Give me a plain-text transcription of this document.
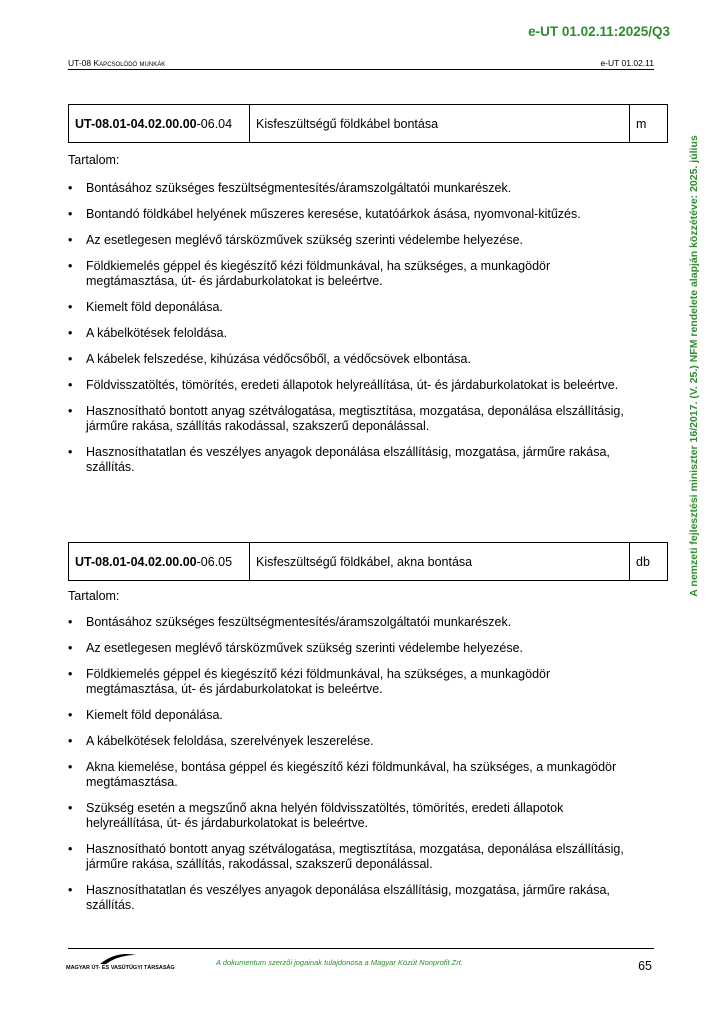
e-UT 01.02.11:2025/Q3
UT-08 Kapcsolódó munkák	e-UT 01.02.11
A nemzeti fejlesztési miniszter 16/2017. (V. 25.) NFM rendelete alapján közzétéve: 2025. július
UT-08.01-04.02.00.00-06.04	Kisfeszültségű földkábel bontása	m
Tartalom:
• Bontásához szükséges feszültségmentesítés/áramszolgáltatói munkarészek.
• Bontandó földkábel helyének műszeres keresése, kutatóárkok ásása, nyomvonal-kitűzés.
• Az esetlegesen meglévő társközművek szükség szerinti védelembe helyezése.
• Földkiemelés géppel és kiegészítő kézi földmunkával, ha szükséges, a munkagödör megtámasztása, út- és járdaburkolatokat is beleértve.
• Kiemelt föld deponálása.
• A kábelkötések feloldása.
• A kábelek felszedése, kihúzása védőcsőből, a védőcsövek elbontása.
• Földvisszatöltés, tömörítés, eredeti állapotok helyreállítása, út- és járdaburkolatokat is beleértve.
• Hasznosítható bontott anyag szétválogatása, megtisztítása, mozgatása, deponálása elszállításig, járműre rakása, szállítás rakodással, szakszerű deponálással.
• Hasznosíthatatlan és veszélyes anyagok deponálása elszállításig, mozgatása, járműre rakása, szállítás.
UT-08.01-04.02.00.00-06.05	Kisfeszültségű földkábel, akna bontása	db
Tartalom:
• Bontásához szükséges feszültségmentesítés/áramszolgáltatói munkarészek.
• Az esetlegesen meglévő társközművek szükség szerinti védelembe helyezése.
• Földkiemelés géppel és kiegészítő kézi földmunkával, ha szükséges, a munkagödör megtámasztása, út- és járdaburkolatokat is beleértve.
• Kiemelt föld deponálása.
• A kábelkötések feloldása, szerelvények leszerelése.
• Akna kiemelése, bontása géppel és kiegészítő kézi földmunkával, ha szükséges, a munkagödör megtámasztása.
• Szükség esetén a megszűnő akna helyén földvisszatöltés, tömörítés, eredeti állapotok helyreállítása, út- és járdaburkolatokat is beleértve.
• Hasznosítható bontott anyag szétválogatása, megtisztítása, mozgatása, deponálása elszállításig, járműre rakása, szállítás, rakodással, szakszerű deponálással.
• Hasznosíthatatlan és veszélyes anyagok deponálása elszállításig, mozgatása, járműre rakása, szállítás.
MAGYAR ÚT- ÉS VASÚTÜGYI TÁRSASÁG
A dokumentum szerzői jogainak tulajdonosa a Magyar Közút Nonprofit Zrt.	65
